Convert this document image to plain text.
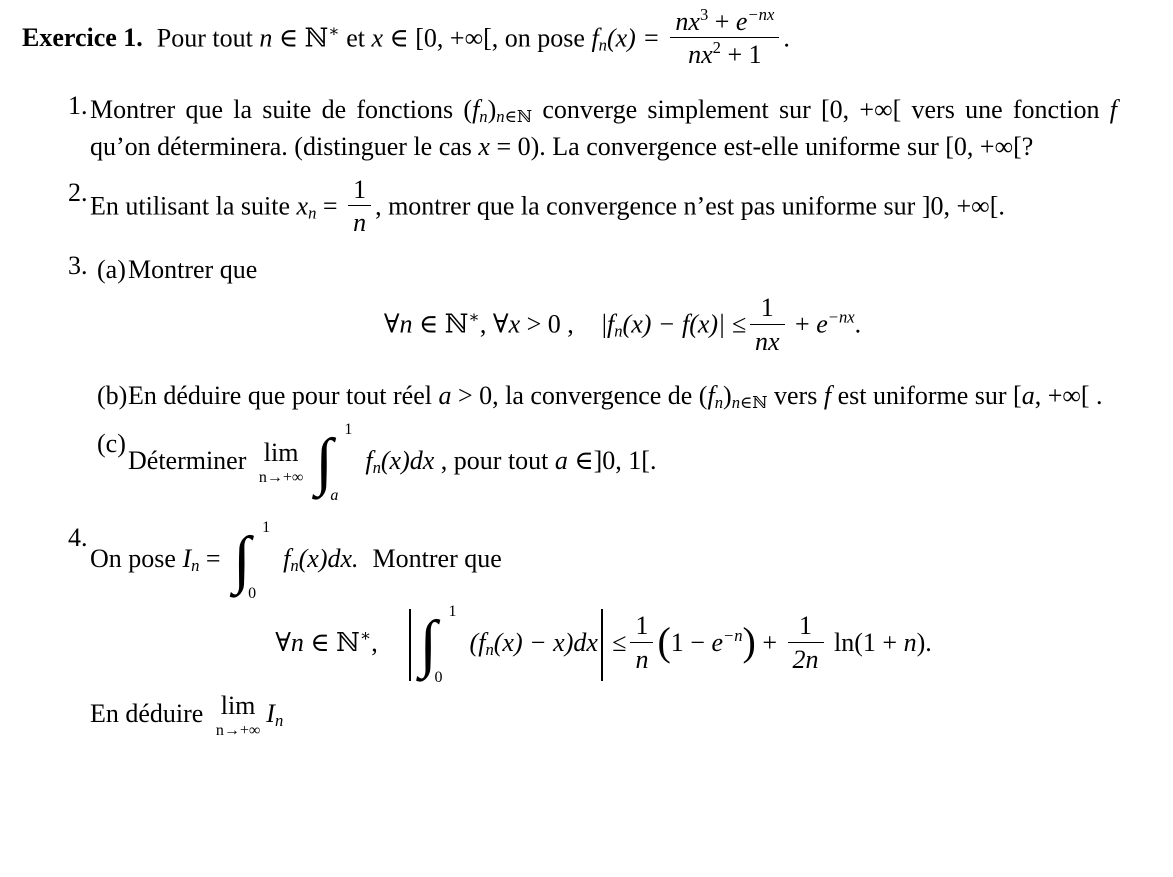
Exercice 1. Pour tout n ∈ ℕ∗ et x ∈ [0, +∞[, on pose $fn(x) = \frac{nx^3 + e^{-nx}}{nx^2 + 1}$ .
1. Montrer que la suite de fonctions (fn)n∈ℕ converge simplement sur [0, +∞[ vers une fonction f qu’on déterminera. (distinguer le cas x = 0). La convergence est-elle uniforme sur [0, +∞[?
2. En utilisant la suite xn = $\frac{1}{n}$ , montrer que la convergence n’est pas uniforme sur ]0, +∞[.
3. (a) Montrer que
∀n ∈ ℕ∗, ∀x > 0 , $|fn(x) - f(x)| \le \frac{1}{nx} + e^{-nx}$.
(b) En déduire que pour tout réel a > 0, la convergence de (fn)n∈ℕ vers f est uniforme sur [a, +∞[ .
(c)
Déterminer lim
n→+∞ ∫ 1
a
fn(x)dx , pour tout a ∈]0, 1[.
4.
On pose In = ∫ 1
0
fn(x)dx. Montrer que
∀n ∈ ℕ∗, ∫ 1
0
$(fn(x) - x)dx \le \frac{1}{n} (1 - e^{-n}) + \frac{1}{2n} \ln(1 + n)$.
En déduire lim
n→+∞
In
